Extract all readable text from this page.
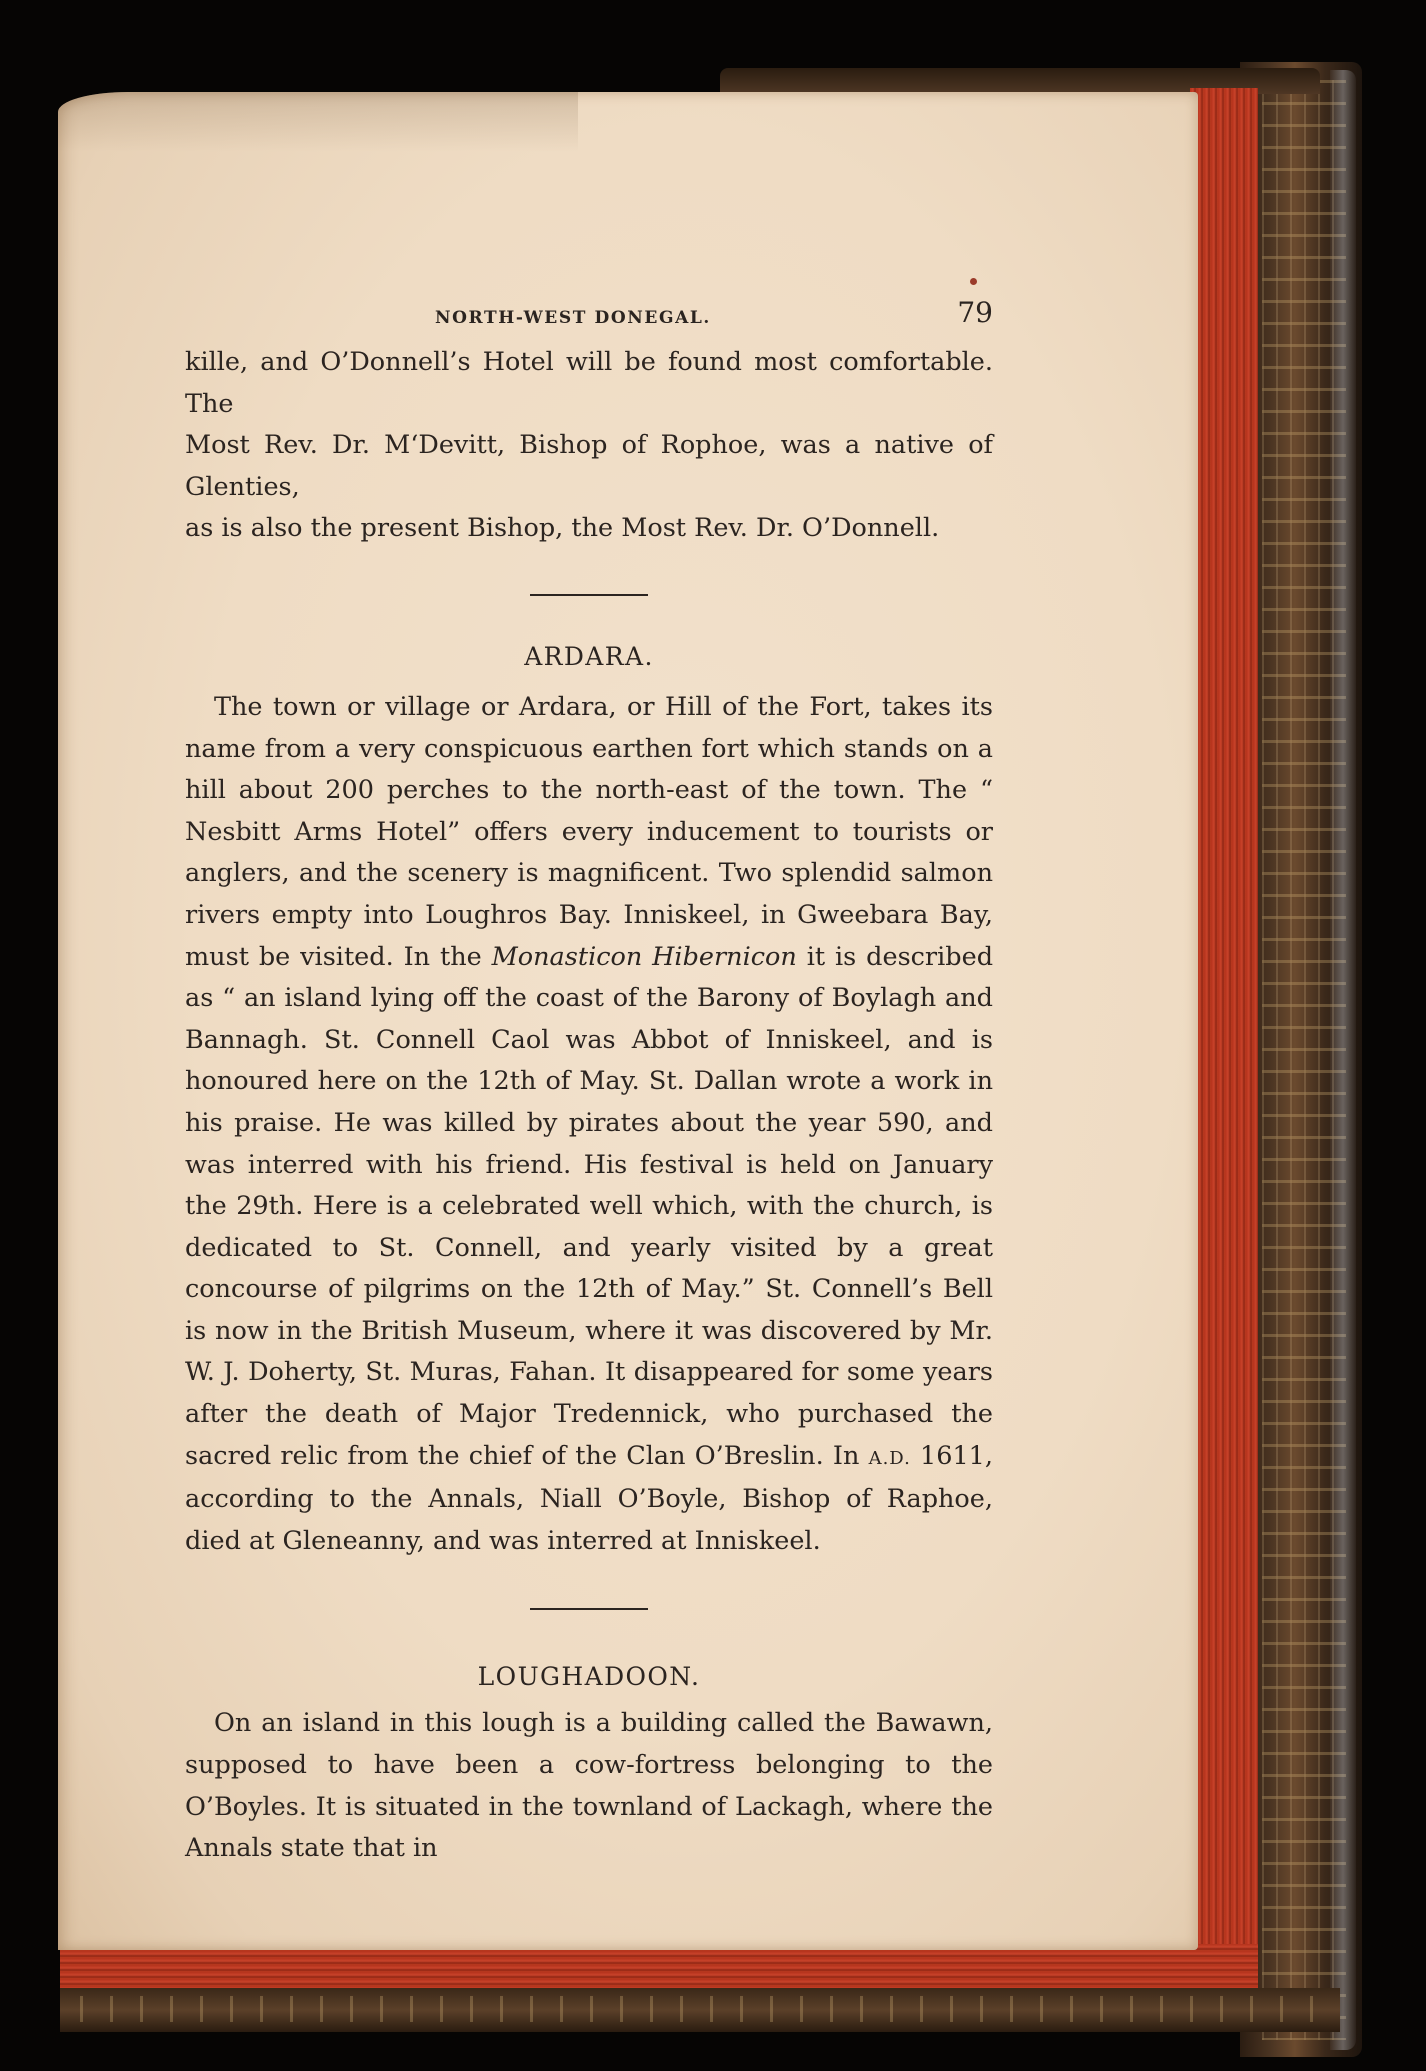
NORTH-WEST DONEGAL.	79

kille, and O’Donnell’s Hotel will be found most comfortable. The

Most Rev. Dr. M‘Devitt, Bishop of Rophoe, was a native of Glenties,

as is also the present Bishop, the Most Rev. Dr. O’Donnell.

ARDARA.

The town or village or Ardara, or Hill of the Fort, takes its name from a very conspicuous earthen fort which stands on a hill about 200 perches to the north-east of the town. The “ Nesbitt Arms Hotel” offers every inducement to tourists or anglers, and the scenery is magnificent. Two splendid salmon rivers empty into Loughros Bay. Inniskeel, in Gweebara Bay, must be visited. In the Monasticon Hibernicon it is described as “ an island lying off the coast of the Barony of Boylagh and Bannagh. St. Connell Caol was Abbot of Inniskeel, and is honoured here on the 12th of May. St. Dallan wrote a work in his praise. He was killed by pirates about the year 590, and was interred with his friend. His festival is held on January the 29th. Here is a celebrated well which, with the church, is dedicated to St. Connell, and yearly visited by a great concourse of pilgrims on the 12th of May.” St. Connell’s Bell is now in the British Museum, where it was discovered by Mr. W. J. Doherty, St. Muras, Fahan. It disappeared for some years after the death of Major Tredennick, who purchased the sacred relic from the chief of the Clan O’Breslin. In A.D. 1611, according to the Annals, Niall O’Boyle, Bishop of Raphoe, died at Gleneanny, and was interred at Inniskeel.

LOUGHADOON.

On an island in this lough is a building called the Bawawn, supposed to have been a cow-fortress belonging to the O’Boyles. It is situated in the townland of Lackagh, where the Annals state that in
